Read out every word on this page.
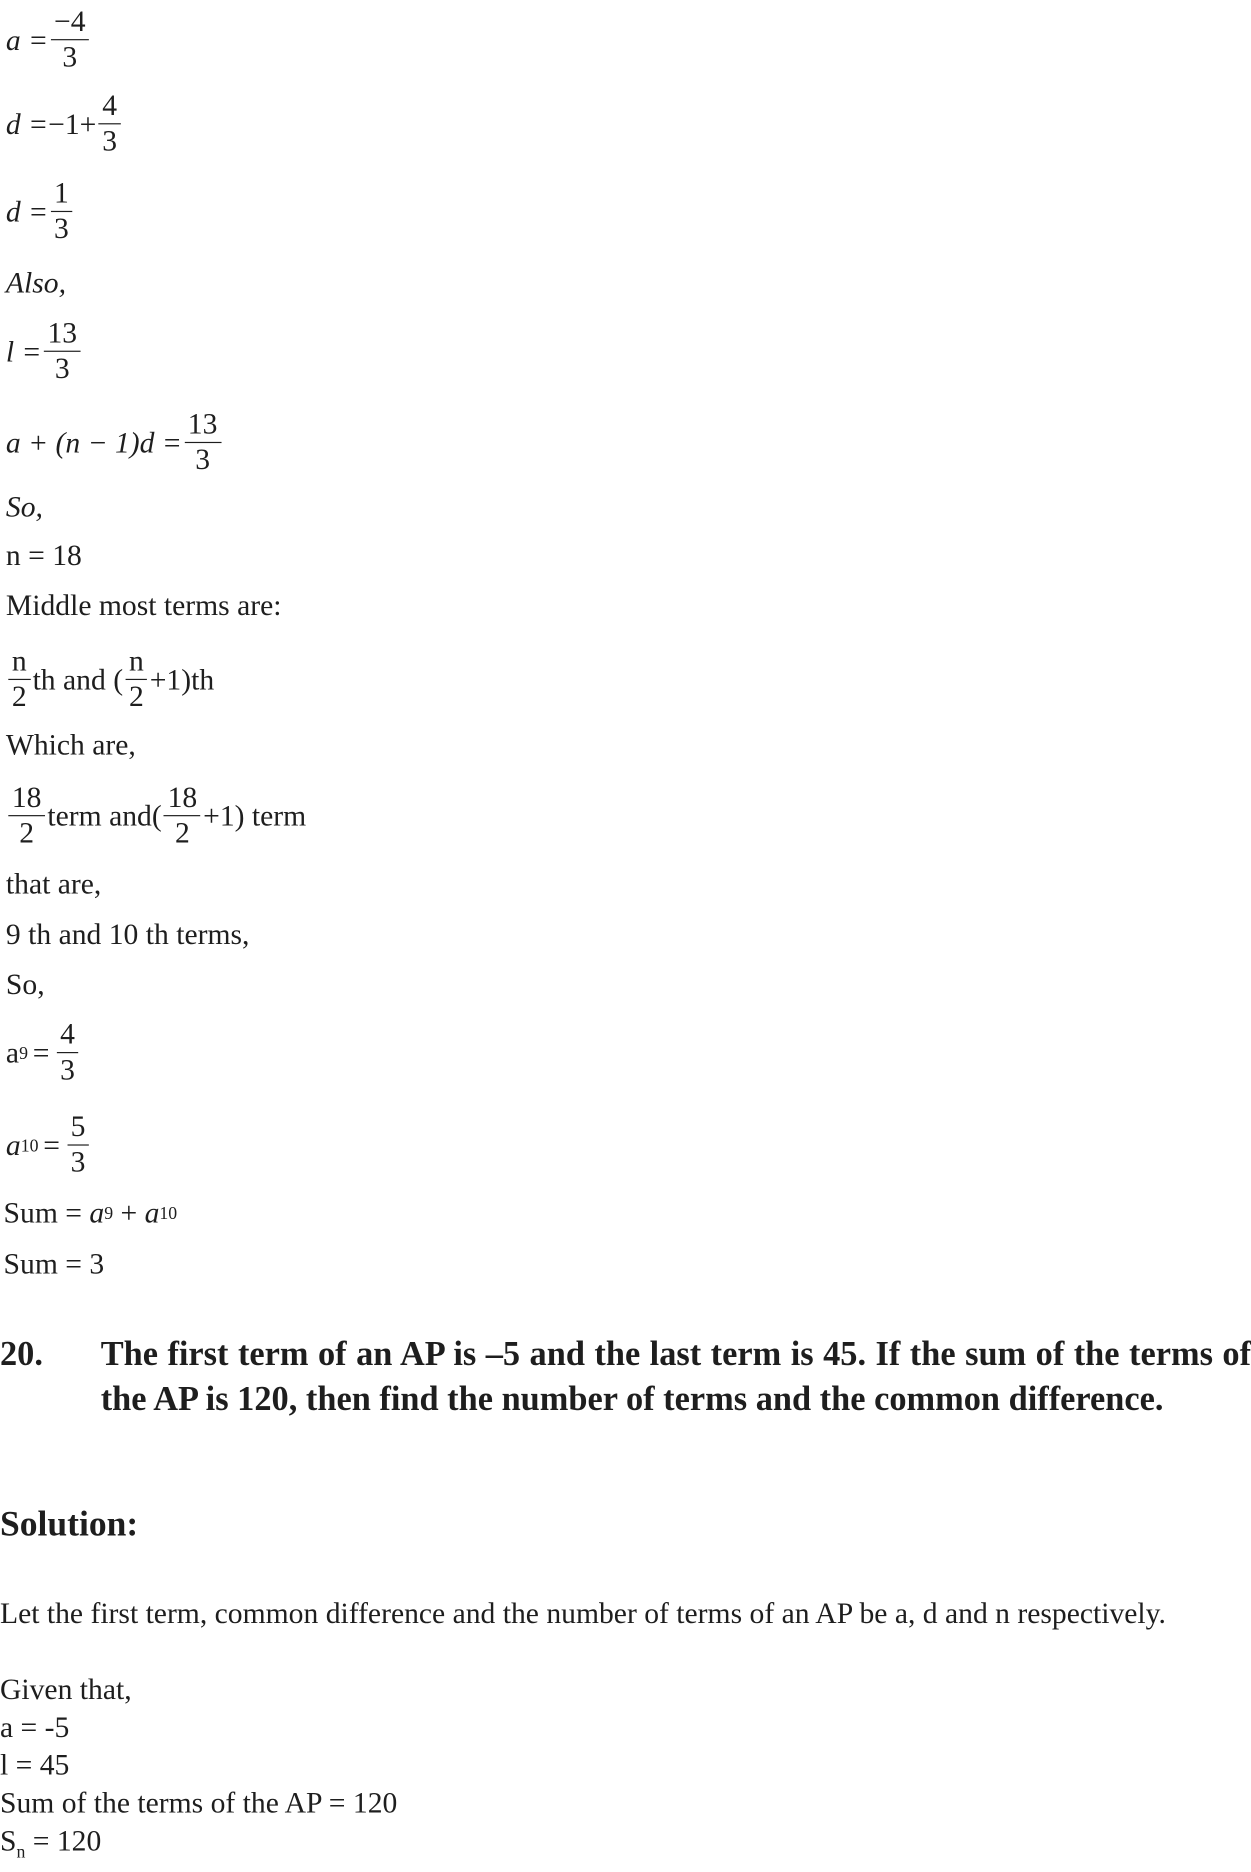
$a = \frac{-4}{3}$
$d = -1+ \frac{4}{3}$
$d = \frac{1}{3}$
Also,
$l = \frac{13}{3}$
$a + (n - 1)d = \frac{13}{3}$
So,
n = 18
Middle most terms are:
$\frac{n}{2}$ th and ( $\frac{n}{2} +1)th$
Which are,
$\frac{18}{2}$ term $and( \frac{18}{2} +1)$ term
that are,
9 th and 10 th terms,
So,
a $9 = \frac{4}{3}$
a $10 = \frac{5}{3}$
Sum = a 9 + a 10
Sum = 3
20. The first term of an AP is –5 and the last term is 45. If the sum of the terms of the AP is 120, then find the number of terms and the common difference.
Solution:
Let the first term, common difference and the number of terms of an AP be a, d and n respectively.
Given that,
a = -5
l = 45
Sum of the terms of the AP = 120
$S_n = 120$
